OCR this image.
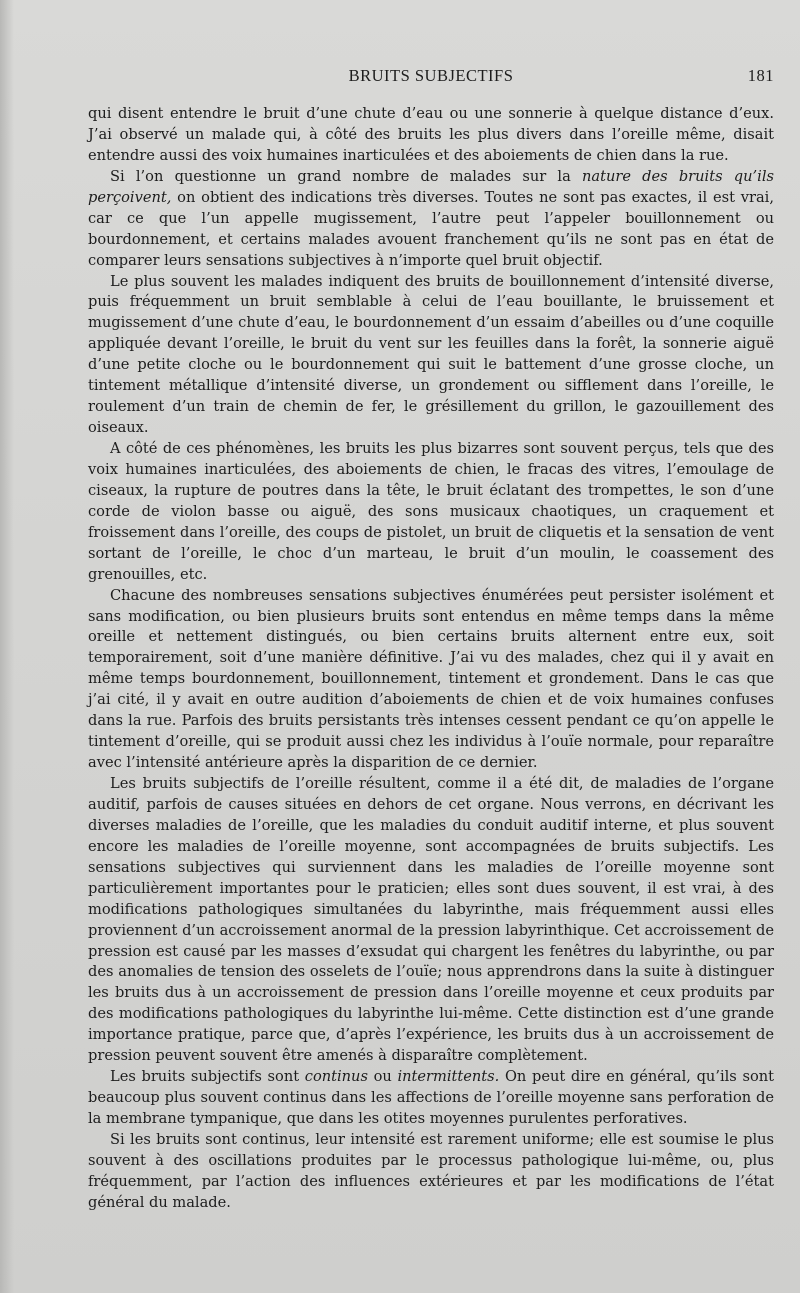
BRUITS SUBJECTIFS	181

qui disent entendre le bruit d’une chute d’eau ou une sonnerie à quelque distance d’eux. J’ai observé un malade qui, à côté des bruits les plus divers dans l’oreille même, disait entendre aussi des voix humaines inarticulées et des aboiements de chien dans la rue.

Si l’on questionne un grand nombre de malades sur la nature des bruits qu’ils perçoivent, on obtient des indications très diverses. Toutes ne sont pas exactes, il est vrai, car ce que l’un appelle mugissement, l’autre peut l’appeler bouillonnement ou bourdonnement, et certains malades avouent franchement qu’ils ne sont pas en état de comparer leurs sensations subjectives à n’importe quel bruit objectif.

Le plus souvent les malades indiquent des bruits de bouillonnement d’intensité diverse, puis fréquemment un bruit semblable à celui de l’eau bouillante, le bruissement et mugissement d’une chute d’eau, le bourdonnement d’un essaim d’abeilles ou d’une coquille appliquée devant l’oreille, le bruit du vent sur les feuilles dans la forêt, la sonnerie aiguë d’une petite cloche ou le bourdonnement qui suit le battement d’une grosse cloche, un tintement métallique d’intensité diverse, un grondement ou sifflement dans l’oreille, le roulement d’un train de chemin de fer, le grésillement du grillon, le gazouillement des oiseaux.

A côté de ces phénomènes, les bruits les plus bizarres sont souvent perçus, tels que des voix humaines inarticulées, des aboiements de chien, le fracas des vitres, l’emoulage de ciseaux, la rupture de poutres dans la tête, le bruit éclatant des trompettes, le son d’une corde de violon basse ou aiguë, des sons musicaux chaotiques, un craquement et froissement dans l’oreille, des coups de pistolet, un bruit de cliquetis et la sensation de vent sortant de l’oreille, le choc d’un marteau, le bruit d’un moulin, le coassement des grenouilles, etc.

Chacune des nombreuses sensations subjectives énumérées peut persister isolément et sans modification, ou bien plusieurs bruits sont entendus en même temps dans la même oreille et nettement distingués, ou bien certains bruits alternent entre eux, soit temporairement, soit d’une manière définitive. J’ai vu des malades, chez qui il y avait en même temps bourdonnement, bouillonnement, tintement et grondement. Dans le cas que j’ai cité, il y avait en outre audition d’aboiements de chien et de voix humaines confuses dans la rue. Parfois des bruits persistants très intenses cessent pendant ce qu’on appelle le tintement d’oreille, qui se produit aussi chez les individus à l’ouïe normale, pour reparaître avec l’intensité antérieure après la disparition de ce dernier.

Les bruits subjectifs de l’oreille résultent, comme il a été dit, de maladies de l’organe auditif, parfois de causes situées en dehors de cet organe. Nous verrons, en décrivant les diverses maladies de l’oreille, que les maladies du conduit auditif interne, et plus souvent encore les maladies de l’oreille moyenne, sont accompagnées de bruits subjectifs. Les sensations subjectives qui surviennent dans les maladies de l’oreille moyenne sont particulièrement importantes pour le praticien; elles sont dues souvent, il est vrai, à des modifications pathologiques simultanées du labyrinthe, mais fréquemment aussi elles proviennent d’un accroissement anormal de la pression labyrinthique. Cet accroissement de pression est causé par les masses d’exsudat qui chargent les fenêtres du labyrinthe, ou par des anomalies de tension des osselets de l’ouïe; nous apprendrons dans la suite à distinguer les bruits dus à un accroissement de pression dans l’oreille moyenne et ceux produits par des modifications pathologiques du labyrinthe lui-même. Cette distinction est d’une grande importance pratique, parce que, d’après l’expérience, les bruits dus à un accroissement de pression peuvent souvent être amenés à disparaître complètement.

Les bruits subjectifs sont continus ou intermittents. On peut dire en général, qu’ils sont beaucoup plus souvent continus dans les affections de l’oreille moyenne sans perforation de la membrane tympanique, que dans les otites moyennes purulentes perforatives.

Si les bruits sont continus, leur intensité est rarement uniforme; elle est soumise le plus souvent à des oscillations produites par le processus pathologique lui-même, ou, plus fréquemment, par l’action des influences extérieures et par les modifications de l’état général du malade.
